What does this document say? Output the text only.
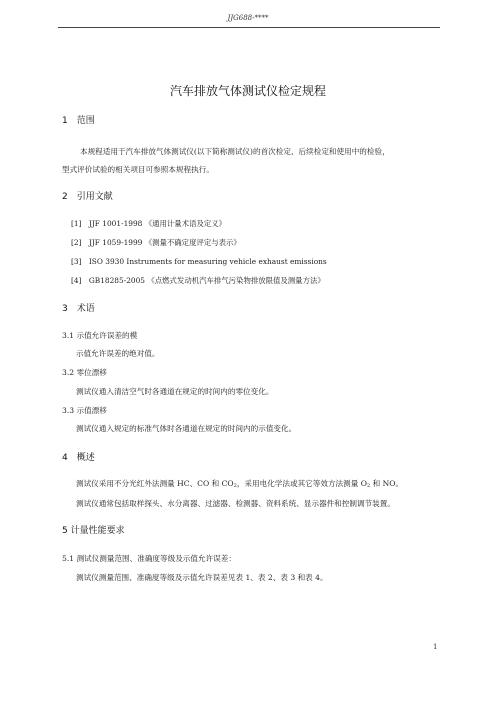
JJG688-****
汽车排放气体测试仪检定规程
1　范围
本规程适用于汽车排放气体测试仪(以下简称测试仪)的首次检定、后续检定和使用中的检验，
型式评价试验的相关项目可参照本规程执行。
2　引用文献
[1]　JJF 1001-1998 《通用计量术语及定义》
[2]　JJF 1059-1999 《测量不确定度评定与表示》
[3]　ISO 3930 Instruments for measuring vehicle exhaust emissions
[4]　GB18285-2005 《点燃式发动机汽车排气污染物排放限值及测量方法》
3　术语
3.1 示值允许误差的模
示值允许误差的绝对值。
3.2 零位漂移
测试仪通入清洁空气时各通道在规定的时间内的零位变化。
3.3 示值漂移
测试仪通入规定的标准气体时各通道在规定的时间内的示值变化。
4　概述
测试仪采用不分光红外法测量 HC、CO 和 $CO_2$，采用电化学法或其它等效方法测量 $O_2$ 和 NO。
测试仪通常包括取样探头、水分离器、过滤器、检测器、资料系统、显示器件和控制调节装置。
5 计量性能要求
5.1 测试仪测量范围、准确度等级及示值允许误差：
测试仪测量范围、准确度等级及示值允许误差见表 1、表 2、表 3 和表 4。
1
